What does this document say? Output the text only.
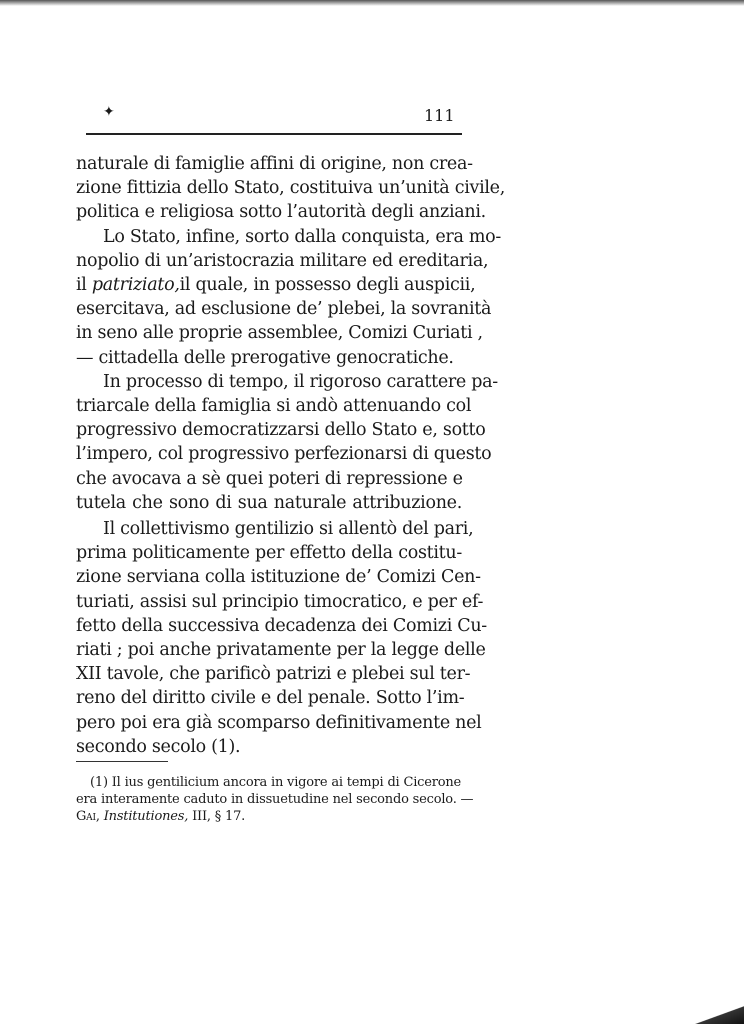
✦	111
naturale di famiglie affini di origine, non crea-
zione fittizia dello Stato, costituiva un’unità civile,
politica e religiosa sotto l’autorità degli anziani.
Lo Stato, infine, sorto dalla conquista, era mo-
nopolio di un’aristocrazia militare ed ereditaria,
il patriziato, il quale, in possesso degli auspicii,
esercitava, ad esclusione de’ plebei, la sovranità
in seno alle proprie assemblee, Comizi Curiati ,
— cittadella delle prerogative genocratiche.
In processo di tempo, il rigoroso carattere pa-
triarcale della famiglia si andò attenuando col
progressivo democratizzarsi dello Stato e, sotto
l’impero, col progressivo perfezionarsi di questo
che avocava a sè quei poteri di repressione e
tutela che sono di sua naturale attribuzione.
Il collettivismo gentilizio si allentò del pari,
prima politicamente per effetto della costitu-
zione serviana colla istituzione de’ Comizi Cen-
turiati, assisi sul principio timocratico, e per ef-
fetto della successiva decadenza dei Comizi Cu-
riati ; poi anche privatamente per la legge delle
XII tavole, che parificò patrizi e plebei sul ter-
reno del diritto civile e del penale. Sotto l’im-
pero poi era già scomparso definitivamente nel
secondo secolo (1).
(1) Il ius gentilicium ancora in vigore ai tempi di Cicerone
era interamente caduto in dissuetudine nel secondo secolo. —
Gai, Institutiones, III, § 17.
